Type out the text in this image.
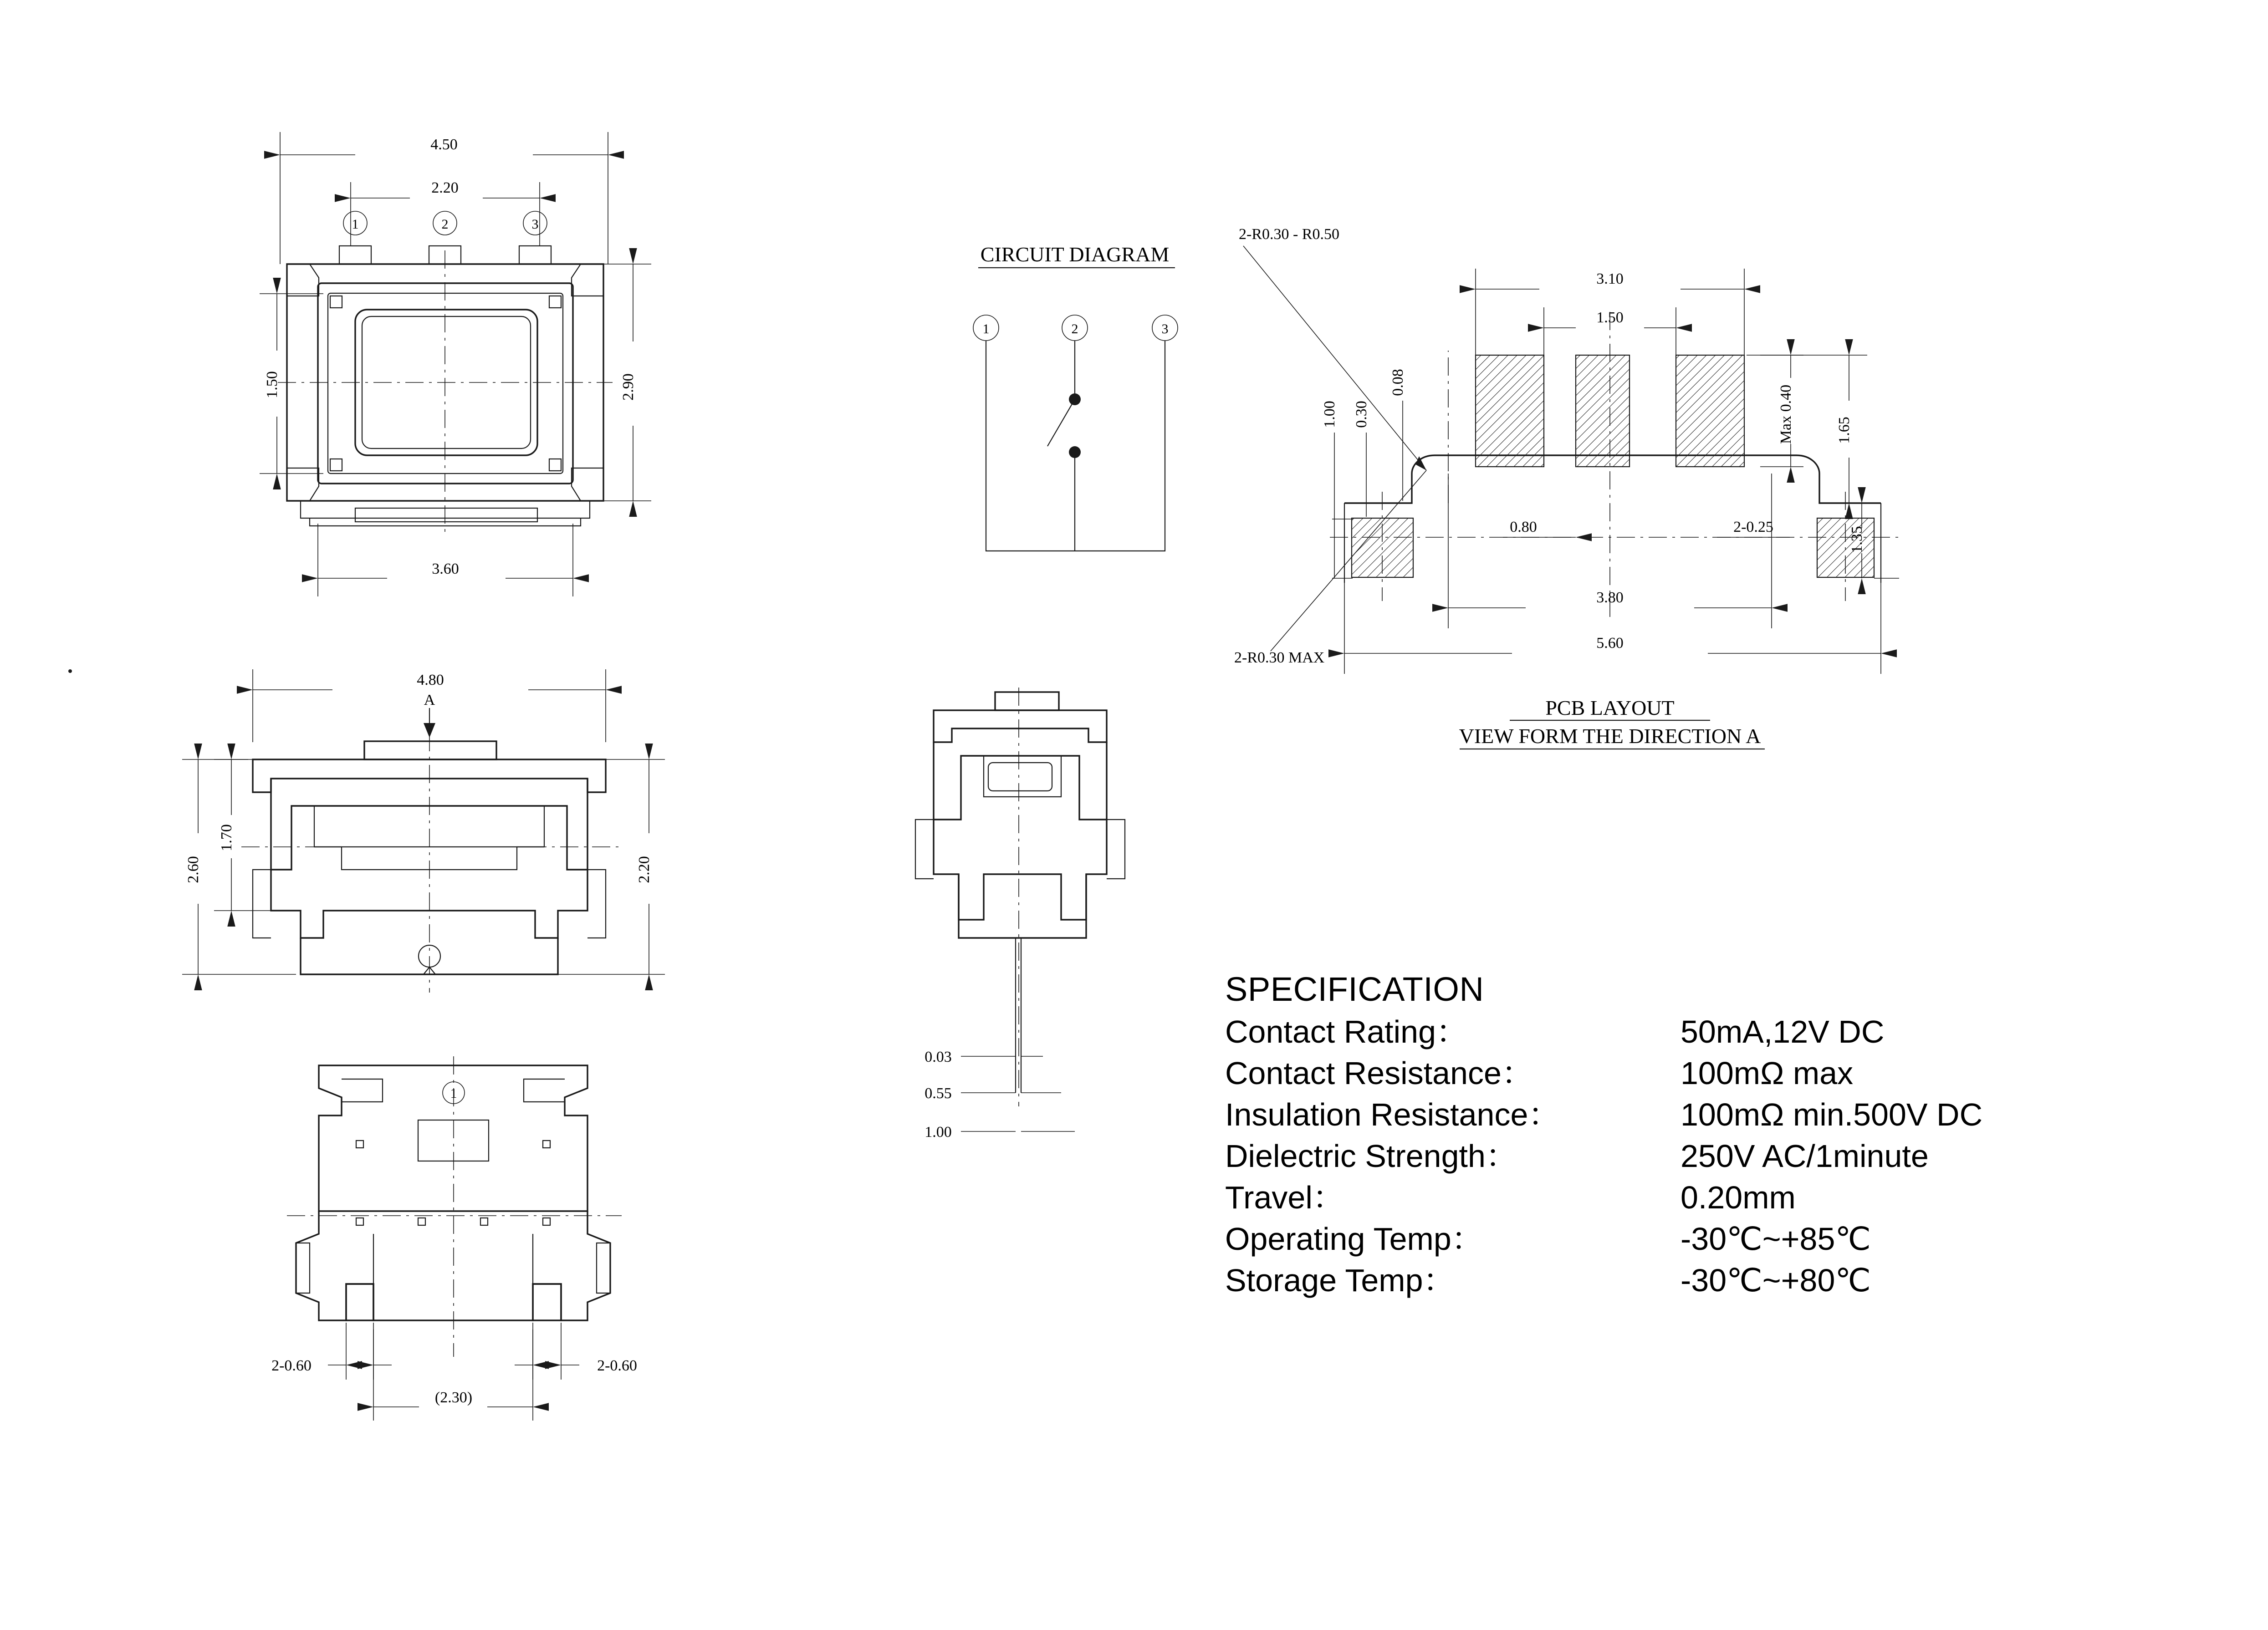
4.50
2.20
1	2	3
1.50	2.90
3.60
4.80
A
2.60
1.70
2.20
1
2-0.60	2-0.60
(2.30)
0.03
0.55
1.00
CIRCUIT DIAGRAM
1	2	3
3.10
1.50
2-R0.30 - R0.50
2-R0.30 MAX
Max 0.40	1.65
1.35
0.08
0.30
1.00
0.80	2-0.25
3.80
5.60
PCB LAYOUT
VIEW FORM THE DIRECTION A
SPECIFICATION
Contact Rating：	50mA,12V DC
Contact Resistance：	100mΩ max
Insulation Resistance：	100mΩ min.500V DC
Dielectric Strength：	250V AC/1minute
Travel：	0.20mm
Operating Temp：	-30℃~+85℃
Storage Temp：	-30℃~+80℃
